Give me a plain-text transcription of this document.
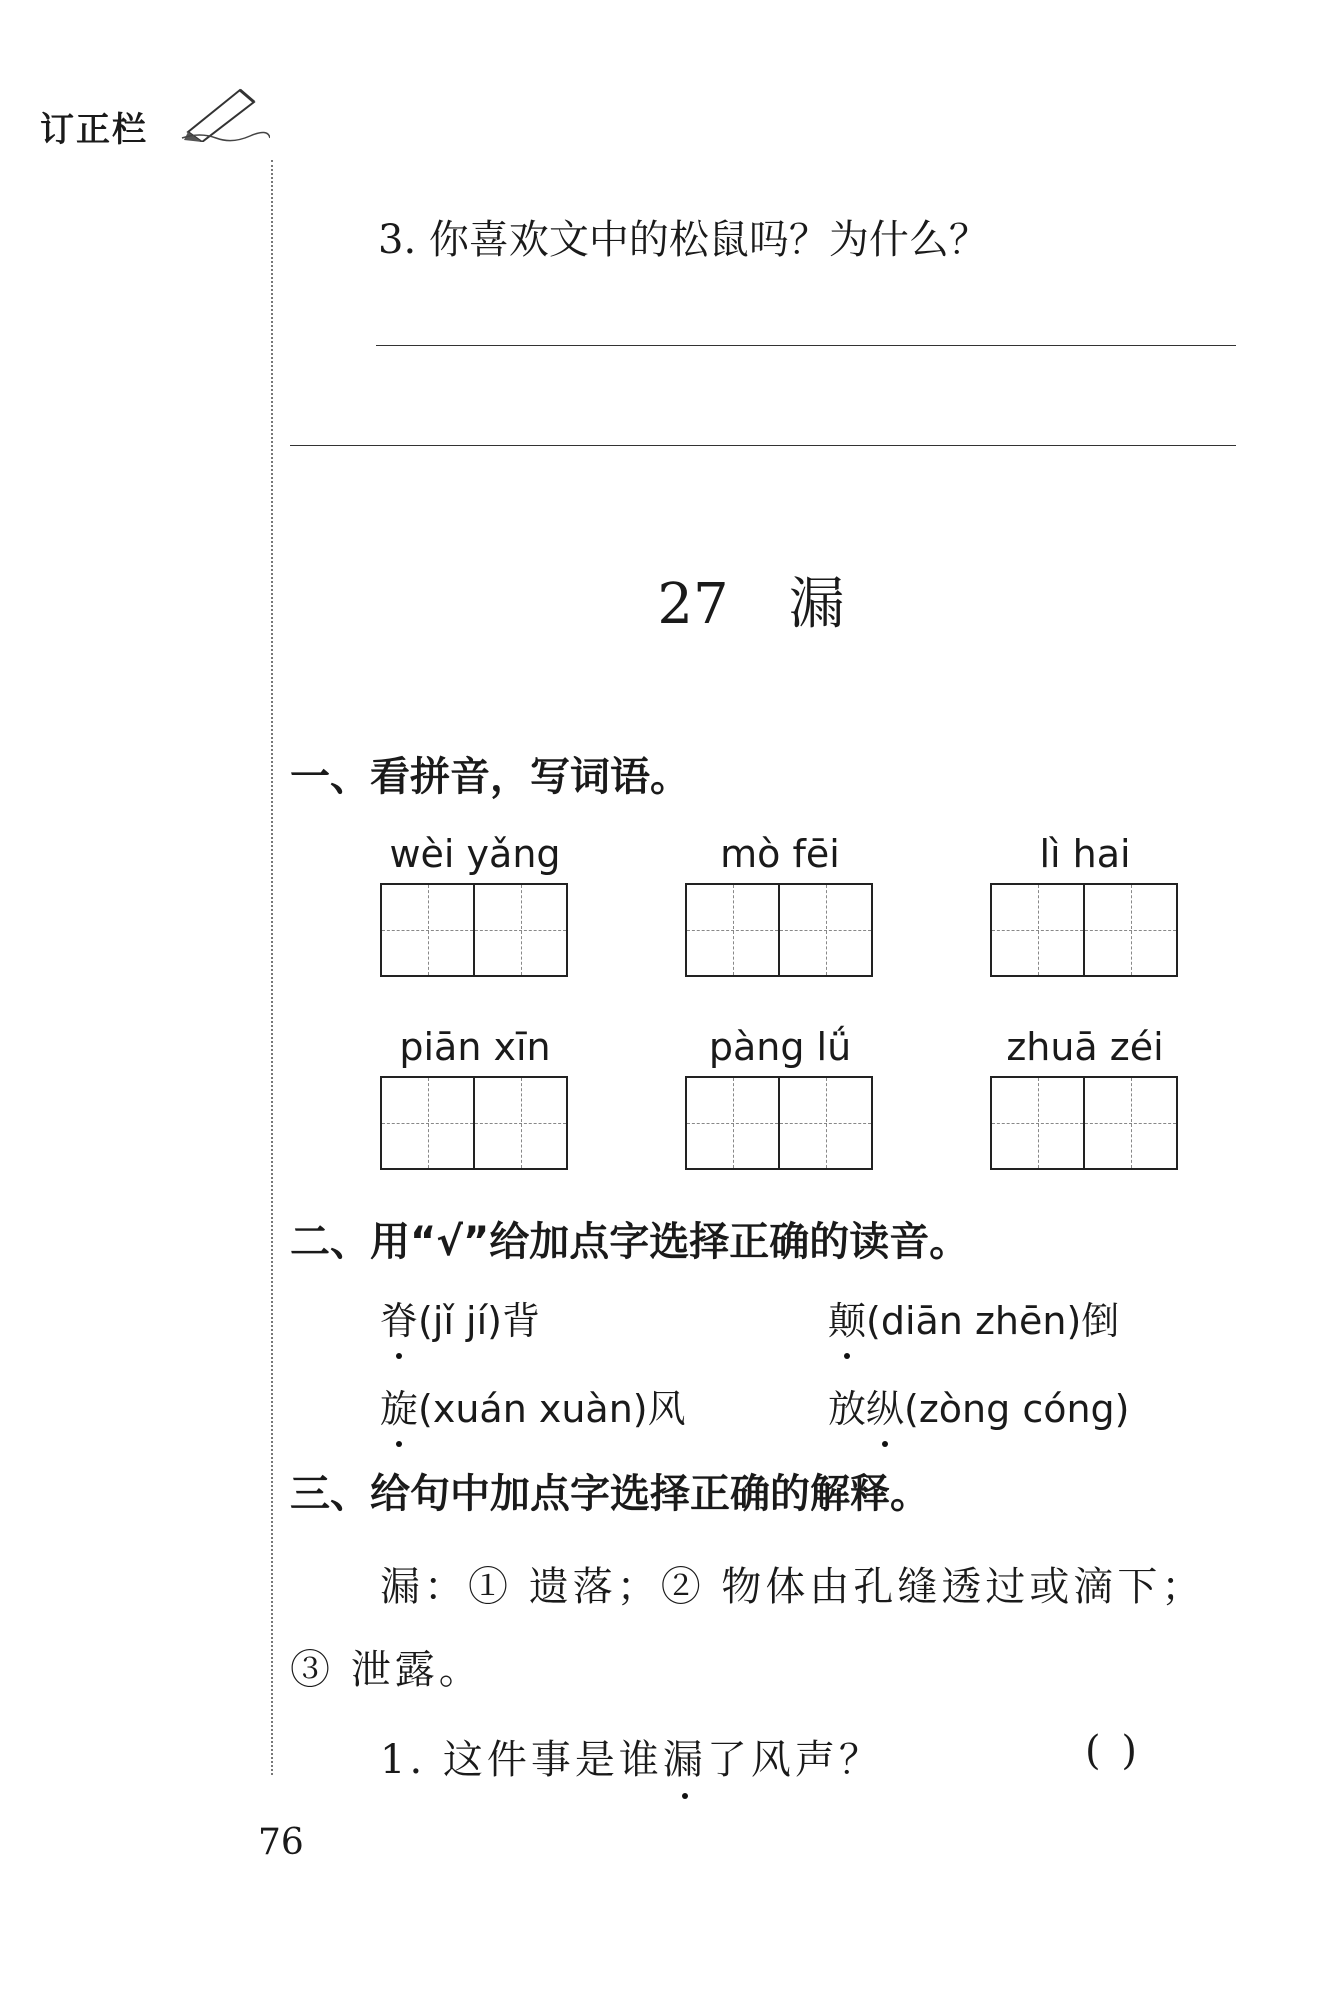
订正栏
3. 你喜欢文中的松鼠吗？为什么？
27 漏
一、看拼音，写词语。
wèi yǎng	mò fēi	lì hai
piān xīn	pàng lǘ	zhuā zéi
二、用“√”给加点字选择正确的读音。
脊(jǐ jí)背	颠(diān zhēn)倒
旋(xuán xuàn)风	放纵(zòng cóng)
三、给句中加点字选择正确的解释。
漏：① 遗落；② 物体由孔缝透过或滴下；
③ 泄露。
1. 这件事是谁漏了风声？	( )
76
